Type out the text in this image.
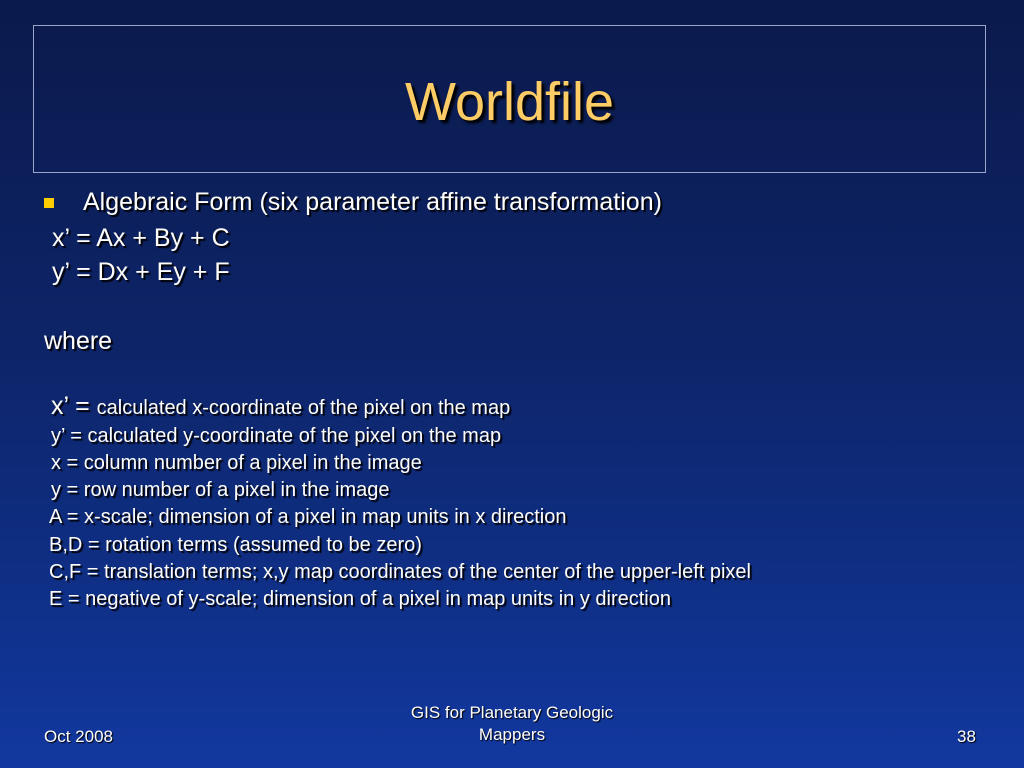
Worldfile
Algebraic Form (six parameter affine transformation)
x’ = Ax + By + C
y’ = Dx + Ey + F
where
x’ = calculated x-coordinate of the pixel on the map
y’ = calculated y-coordinate of the pixel on the map
x = column number of a pixel in the image
y = row number of a pixel in the image
A = x-scale; dimension of a pixel in map units in x direction
B,D = rotation terms (assumed to be zero)
C,F = translation terms; x,y map coordinates of the center of the upper-left pixel
E = negative of y-scale; dimension of a pixel in map units in y direction
Oct 2008
GIS for Planetary Geologic
Mappers	38
